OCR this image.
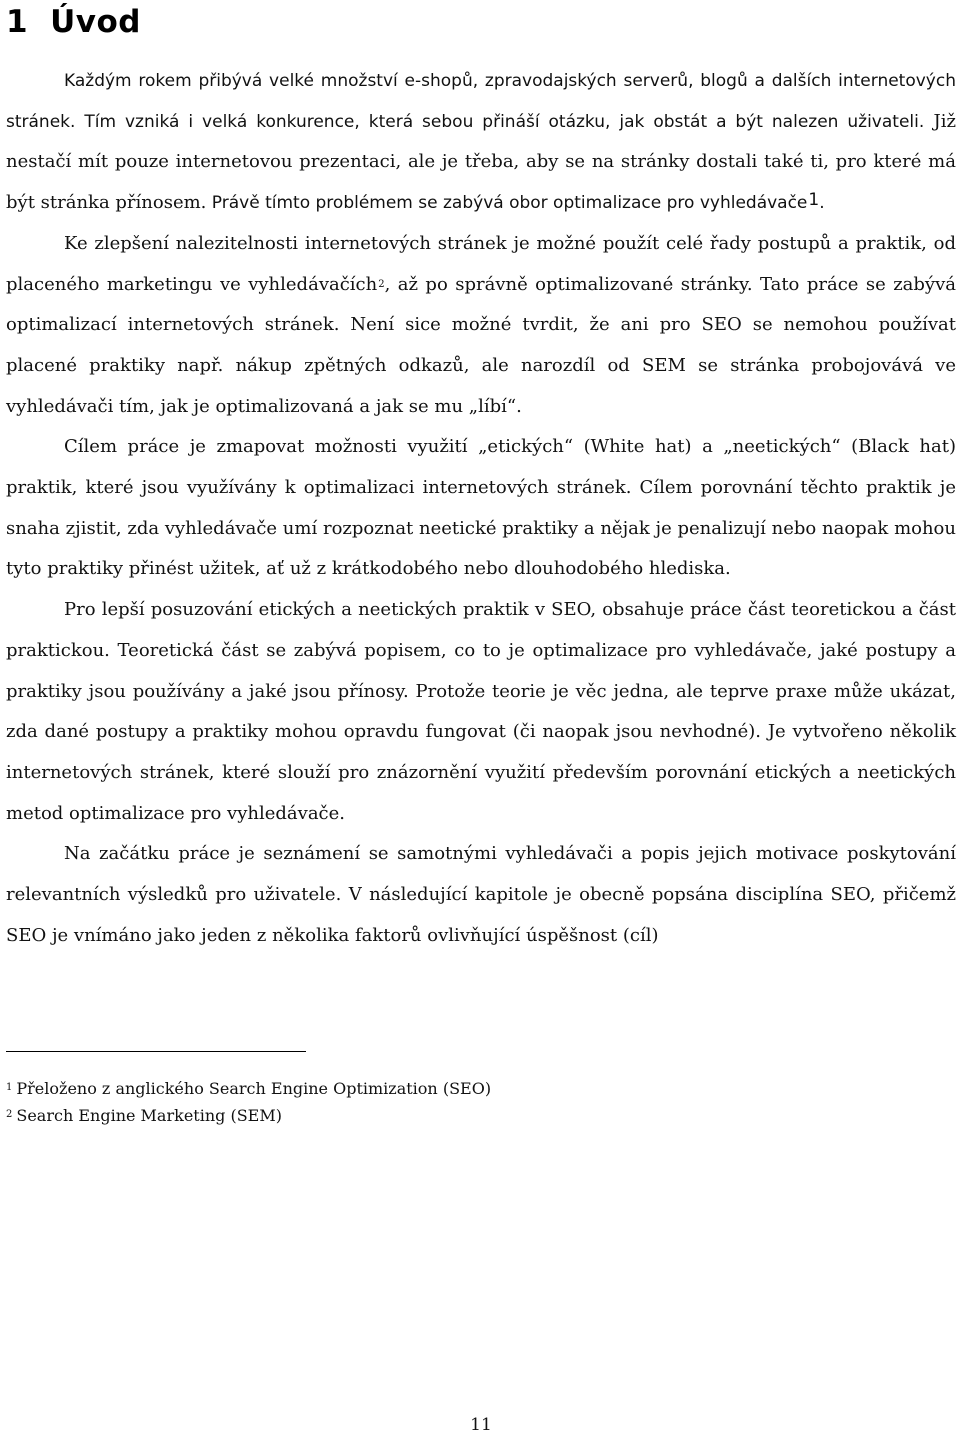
1 Úvod

Každým rokem přibývá velké množství e-shopů, zpravodajských serverů, blogů a dalších internetových stránek. Tím vzniká i velká konkurence, která sebou přináší otázku, jak obstát a být nalezen uživateli. Již nestačí mít pouze internetovou prezentaci, ale je třeba, aby se na stránky dostali také ti, pro které má být stránka přínosem. Právě tímto problémem se zabývá obor optimalizace pro vyhledávače$^1$.

Ke zlepšení nalezitelnosti internetových stránek je možné použít celé řady postupů a praktik, od placeného marketingu ve vyhledávačích$^2$, až po správně optimalizované stránky. Tato práce se zabývá optimalizací internetových stránek. Není sice možné tvrdit, že ani pro SEO se nemohou používat placené praktiky např. nákup zpětných odkazů, ale narozdíl od SEM se stránka probojovává ve vyhledávači tím, jak je optimalizovaná a jak se mu „líbí“.

Cílem práce je zmapovat možnosti využití „etických“ (White hat) a „neetických“ (Black hat) praktik, které jsou využívány k optimalizaci internetových stránek. Cílem porovnání těchto praktik je snaha zjistit, zda vyhledávače umí rozpoznat neetické praktiky a nějak je penalizují nebo naopak mohou tyto praktiky přinést užitek, ať už z krátkodobého nebo dlouhodobého hlediska.

Pro lepší posuzování etických a neetických praktik v SEO, obsahuje práce část teoretickou a část praktickou. Teoretická část se zabývá popisem, co to je optimalizace pro vyhledávače, jaké postupy a praktiky jsou používány a jaké jsou přínosy. Protože teorie je věc jedna, ale teprve praxe může ukázat, zda dané postupy a praktiky mohou opravdu fungovat (či naopak jsou nevhodné). Je vytvořeno několik internetových stránek, které slouží pro znázornění využití především porovnání etických a neetických metod optimalizace pro vyhledávače.

Na začátku práce je seznámení se samotnými vyhledávači a popis jejich motivace poskytování relevantních výsledků pro uživatele. V následující kapitole je obecně popsána disciplína SEO, přičemž SEO je vnímáno jako jeden z několika faktorů ovlivňující úspěšnost (cíl)

$^1$ Přeloženo z anglického Search Engine Optimization (SEO)
$^2$ Search Engine Marketing (SEM)
11
